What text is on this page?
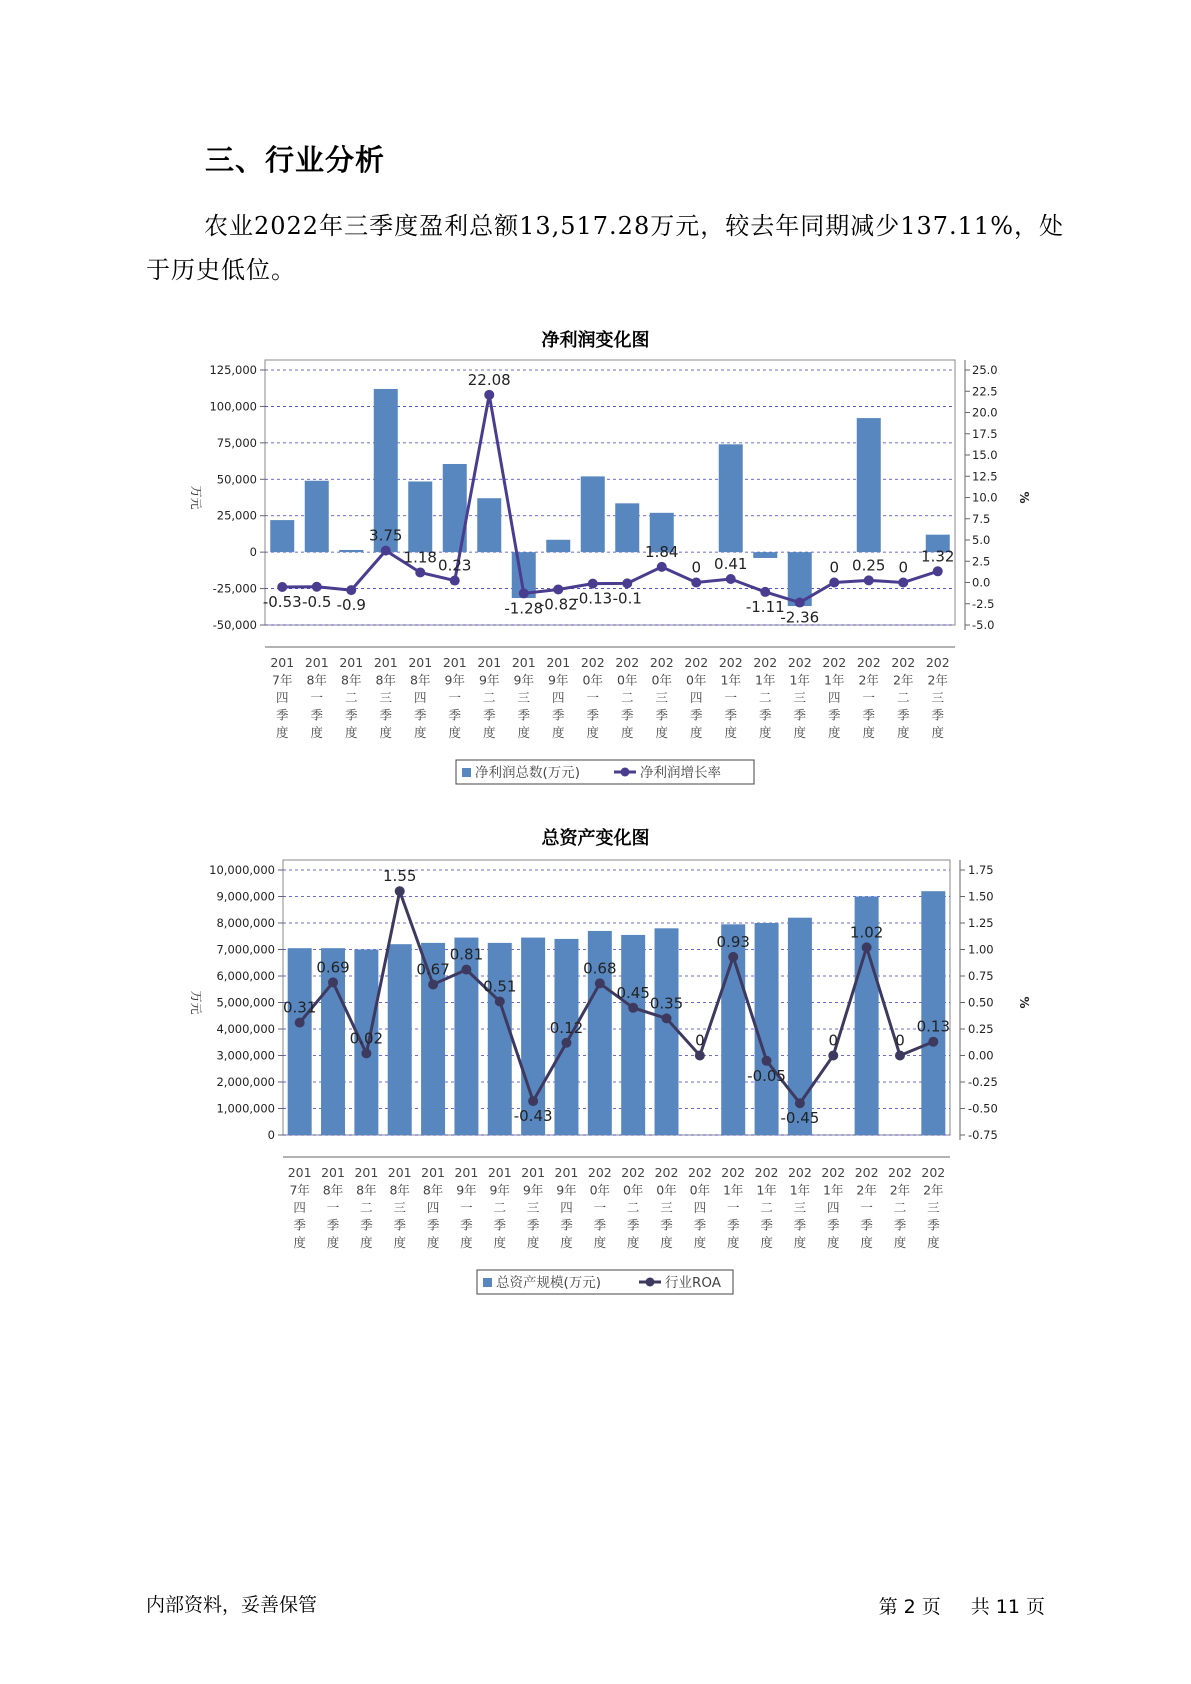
三、行业分析

农业2022年三季度盈利总额13,517.28万元，较去年同期减少137.11%，处于历史低位。

净利润变化图
125,000
100,000
75,000
50,000
25,000
0
-25,000
-50,000
25.0
22.5
20.0
17.5
15.0
12.5
10.0
7.5
5.0
2.5
0.0
-2.5
-5.0
万元	%
201
7年
四
季
度
201
8年
一
季
度
201
8年
二
季
度
201
8年
三
季
度
201
8年
四
季
度
201
9年
一
季
度
201
9年
二
季
度
201
9年
三
季
度
201
9年
四
季
度
202
0年
一
季
度
202
0年
二
季
度
202
0年
三
季
度
202
0年
四
季
度
202
1年
一
季
度
202
1年
二
季
度
202
1年
三
季
度
202
1年
四
季
度
202
2年
一
季
度
202
2年
二
季
度
202
2年
三
季
度
-0.53 -0.5 -0.9
3.75
1.18 0.23
22.08
-1.28
-0.82
-0.13 -0.1
1.84
0 0.41
-1.11
-2.36
0 0.25 0
1.32
净利润总数(万元)	净利润增长率
总资产变化图
10,000,000
9,000,000
8,000,000
7,000,000
6,000,000
5,000,000
4,000,000
3,000,000
2,000,000
1,000,000
0
1.75
1.50
1.25
1.00
0.75
0.50
0.25
0.00
-0.25
-0.50
-0.75
万元	%
201
7年
四
季
度
201
8年
一
季
度
201
8年
二
季
度
201
8年
三
季
度
201
8年
四
季
度
201
9年
一
季
度
201
9年
二
季
度
201
9年
三
季
度
201
9年
四
季
度
202
0年
一
季
度
202
0年
二
季
度
202
0年
三
季
度
202
0年
四
季
度
202
1年
一
季
度
202
1年
二
季
度
202
1年
三
季
度
202
1年
四
季
度
202
2年
一
季
度
202
2年
二
季
度
202
2年
三
季
度
0.31
0.69
0.02
1.55
0.67
0.81
0.51
-0.43
0.12
0.68
0.45
0.35
0
0.93
-0.05
-0.45
0
1.02
0
0.13
总资产规模(万元)	行业ROA
内部资料，妥善保管	第 2 页 共 11 页
